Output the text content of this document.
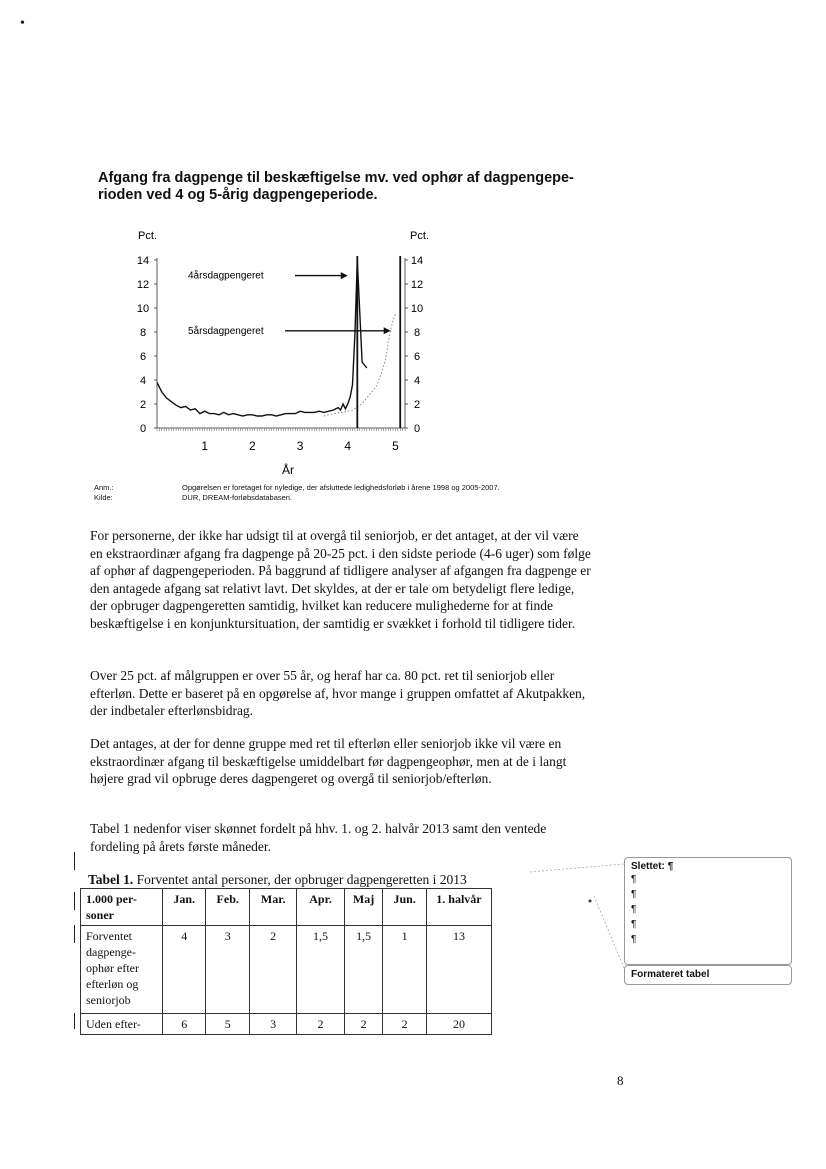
•
Afgang fra dagpenge til beskæftigelse mv. ved ophør af dagpengepe-
rioden ved 4 og 5-årig dagpengeperiode.
Pct.	Pct.
År
0	0
2	2
4	4
6	6
8	8
10	10
12	12
14	14
1	2	3	4	5
4årsdagpengeret
5årsdagpengeret
Anm.:	Opgørelsen er foretaget for nyledige, der afsluttede ledighedsforløb i årene 1998 og 2005-2007.
Kilde:	DUR, DREAM-forløbsdatabasen.

For personerne, der ikke har udsigt til at overgå til seniorjob, er det antaget, at der vil være en ekstraordinær afgang fra dagpenge på 20-25 pct. i den sidste periode (4-6 uger) som følge af ophør af dagpengeperioden. På baggrund af tidligere analyser af afgangen fra dagpenge er den antagede afgang sat relativt lavt. Det skyldes, at der er tale om betydeligt flere ledige, der opbruger dagpengeretten samtidig, hvilket kan reducere mulighederne for at finde beskæftigelse i en konjunktursituation, der samtidig er svækket i forhold til tidligere tider.

Over 25 pct. af målgruppen er over 55 år, og heraf har ca. 80 pct. ret til seniorjob eller efterløn. Dette er baseret på en opgørelse af, hvor mange i gruppen omfattet af Akutpakken, der indbetaler efterlønsbidrag.

Det antages, at der for denne gruppe med ret til efterløn eller seniorjob ikke vil være en ekstraordinær afgang til beskæftigelse umiddelbart før dagpengeophør, men at de i langt højere grad vil opbruge deres dagpengeret og overgå til seniorjob/efterløn.

Tabel 1 nedenfor viser skønnet fordelt på hhv. 1. og 2. halvår 2013 samt den ventede fordeling på årets første måneder.

Tabel 1. Forventet antal personer, der opbruger dagpengeretten i 2013
1.000 per-soner	Jan.	Feb.	Mar.	Apr.	Maj	Jun.	1. halvår
Forventet dagpenge-ophør efter efterløn og seniorjob	4	3	2	1,5	1,5	1	13
Uden efter-	6	5	3	2	2	2	20
Slettet: ¶
¶
¶
¶
¶
¶
Formateret tabel
8
